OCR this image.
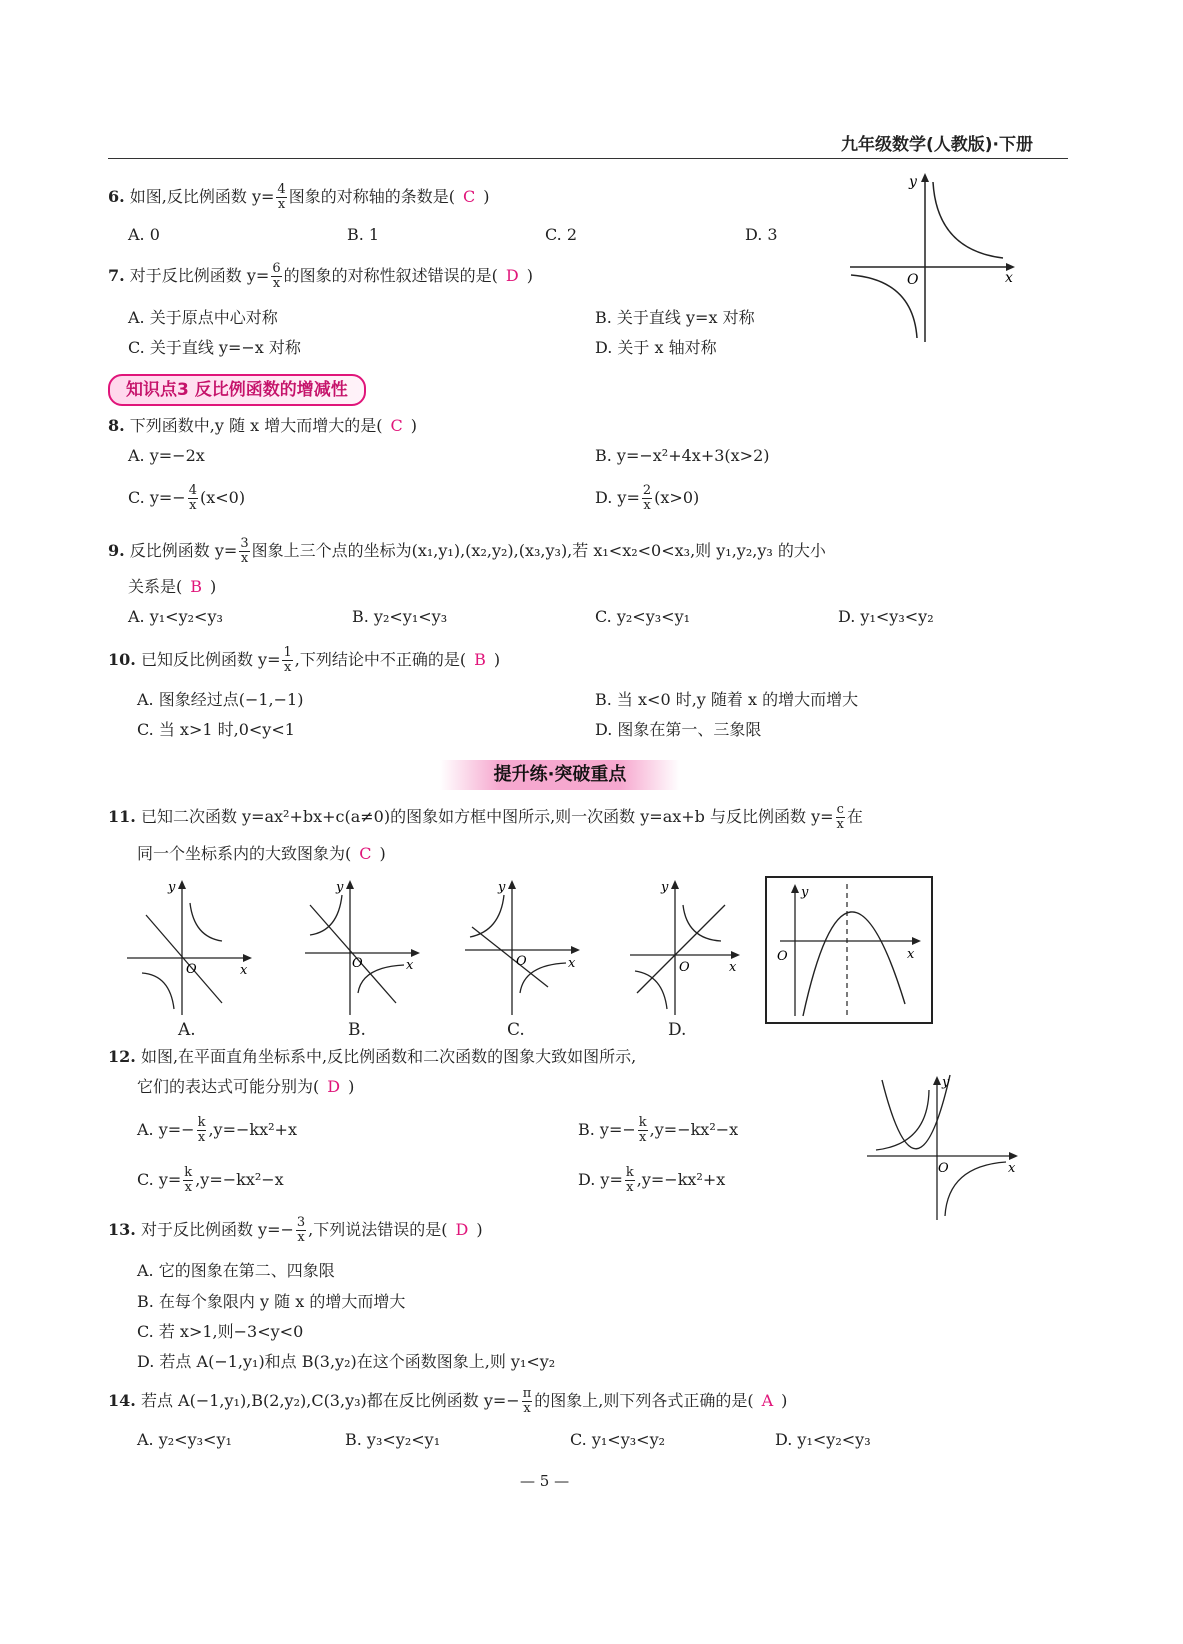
九年级数学(人教版)·下册
6. 如图,反比例函数 $y= \frac{4}{x}$ 图象的对称轴的条数是( C )
A. 0	B. 1	C. 2	D. 3
x
y
O
7. 对于反比例函数 $y= \frac{6}{x}$ 的图象的对称性叙述错误的是( D )
A. 关于原点中心对称	B. 关于直线 y=x 对称
C. 关于直线 y=−x 对称	D. 关于 x 轴对称
知识点3 反比例函数的增减性
8. 下列函数中,y 随 x 增大而增大的是( C )
A. y=−2x	B. y=−x²+4x+3(x>2)
C. $y=- \frac{4}{x} (x<0)$	D. $y= \frac{2}{x} (x>0)$
9. 反比例函数 $y= \frac{3}{x}$ 图象上三个点的坐标为(x₁,y₁),(x₂,y₂),(x₃,y₃),若 x₁<x₂<0<x₃,则 y₁,y₂,y₃ 的大小
关系是( B )
A. y₁<y₂<y₃	B. y₂<y₁<y₃	C. y₂<y₃<y₁	D. y₁<y₃<y₂
10. 已知反比例函数 $y= \frac{1}{x}$ ,下列结论中不正确的是( B )
A. 图象经过点(−1,−1)	B. 当 x<0 时,y 随着 x 的增大而增大
C. 当 x>1 时,0<y<1	D. 图象在第一、三象限
提升练·突破重点
11. 已知二次函数 y=ax²+bx+c(a≠0)的图象如方框中图所示,则一次函数 y=ax+b 与反比例函数 $y= \frac{c}{x}$ 在
同一个坐标系内的大致图象为( C )
x
y
O	x
y
O	x
y
O	x
y
O
A.	B.	C.	D.
x
y
O
12. 如图,在平面直角坐标系中,反比例函数和二次函数的图象大致如图所示,
它们的表达式可能分别为( D )
A. $y=- \frac{k}{x} ,y=-kx^2+x$	B. $y=- \frac{k}{x} ,y=-kx^2-x$
C. $y= \frac{k}{x} ,y=-kx^2-x$	D. $y= \frac{k}{x} ,y=-kx^2+x$
x
y
O
13. 对于反比例函数 $y=- \frac{3}{x}$ ,下列说法错误的是( D )
A. 它的图象在第二、四象限
B. 在每个象限内 y 随 x 的增大而增大
C. 若 x>1,则−3<y<0
D. 若点 A(−1,y₁)和点 B(3,y₂)在这个函数图象上,则 y₁<y₂
14. 若点 A(−1,y₁),B(2,y₂),C(3,y₃)都在反比例函数 $y=- \frac{\pi}{x}$ 的图象上,则下列各式正确的是( A )
A. y₂<y₃<y₁	B. y₃<y₂<y₁	C. y₁<y₃<y₂	D. y₁<y₂<y₃
— 5 —
